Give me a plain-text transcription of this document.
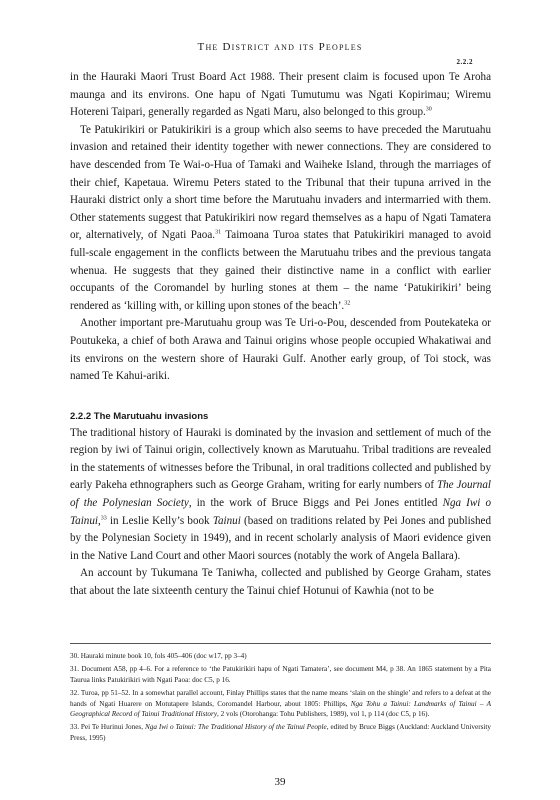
The District and its Peoples
2.2.2

in the Hauraki Maori Trust Board Act 1988. Their present claim is focused upon Te Aroha maunga and its environs. One hapu of Ngati Tumutumu was Ngati Kopirimau; Wiremu Hotereni Taipari, generally regarded as Ngati Maru, also belonged to this group.$^{30}$

Te Patukirikiri or Patukirikiri is a group which also seems to have preceded the Marutuahu invasion and retained their identity together with newer connections. They are considered to have descended from Te Wai-o-Hua of Tamaki and Waiheke Island, through the marriages of their chief, Kapetaua. Wiremu Peters stated to the Tribunal that their tupuna arrived in the Hauraki district only a short time before the Marutuahu invaders and intermarried with them. Other statements suggest that Patukirikiri now regard themselves as a hapu of Ngati Tamatera or, alternatively, of Ngati Paoa.$^{31}$ Taimoana Turoa states that Patukirikiri managed to avoid full-scale engagement in the conflicts between the Marutuahu tribes and the previous tangata whenua. He suggests that they gained their distinctive name in a conflict with earlier occupants of the Coromandel by hurling stones at them – the name ‘Patukirikiri’ being rendered as ‘killing with, or killing upon stones of the beach’.$^{32}$

Another important pre-Marutuahu group was Te Uri-o-Pou, descended from Poutekateka or Poutukeka, a chief of both Arawa and Tainui origins whose people occupied Whakatiwai and its environs on the western shore of Hauraki Gulf. Another early group, of Toi stock, was named Te Kahui-ariki.

2.2.2 The Marutuahu invasions

The traditional history of Hauraki is dominated by the invasion and settlement of much of the region by iwi of Tainui origin, collectively known as Marutuahu. Tribal traditions are revealed in the statements of witnesses before the Tribunal, in oral traditions collected and published by early Pakeha ethnographers such as George Graham, writing for early numbers of The Journal of the Polynesian Society, in the work of Bruce Biggs and Pei Jones entitled Nga Iwi o Tainui,$^{33}$ in Leslie Kelly’s book Tainui (based on traditions related by Pei Jones and published by the Polynesian Society in 1949), and in recent scholarly analysis of Maori evidence given in the Native Land Court and other Maori sources (notably the work of Angela Ballara).

An account by Tukumana Te Taniwha, collected and published by George Graham, states that about the late sixteenth century the Tainui chief Hotunui of Kawhia (not to be

30. Hauraki minute book 10, fols 405–406 (doc w17, pp 3–4)

31. Document A58, pp 4–6. For a reference to ‘the Patukirikiri hapu of Ngati Tamatera’, see document M4, p 38. An 1865 statement by a Pita Taurua links Patukirikiri with Ngati Paoa: doc C5, p 16.

32. Turoa, pp 51–52. In a somewhat parallel account, Finlay Phillips states that the name means ‘slain on the shingle’ and refers to a defeat at the hands of Ngati Huarere on Motutapere Islands, Coromandel Harbour, about 1805: Phillips, Nga Tohu a Tainui: Landmarks of Tainui – A Geographical Record of Tainui Traditional History, 2 vols (Otorohanga: Tohu Publishers, 1989), vol 1, p 114 (doc C5, p 16).

33. Pei Te Hurinui Jones, Nga Iwi o Tainui: The Traditional History of the Tainui People, edited by Bruce Biggs (Auckland: Auckland University Press, 1995)

39
